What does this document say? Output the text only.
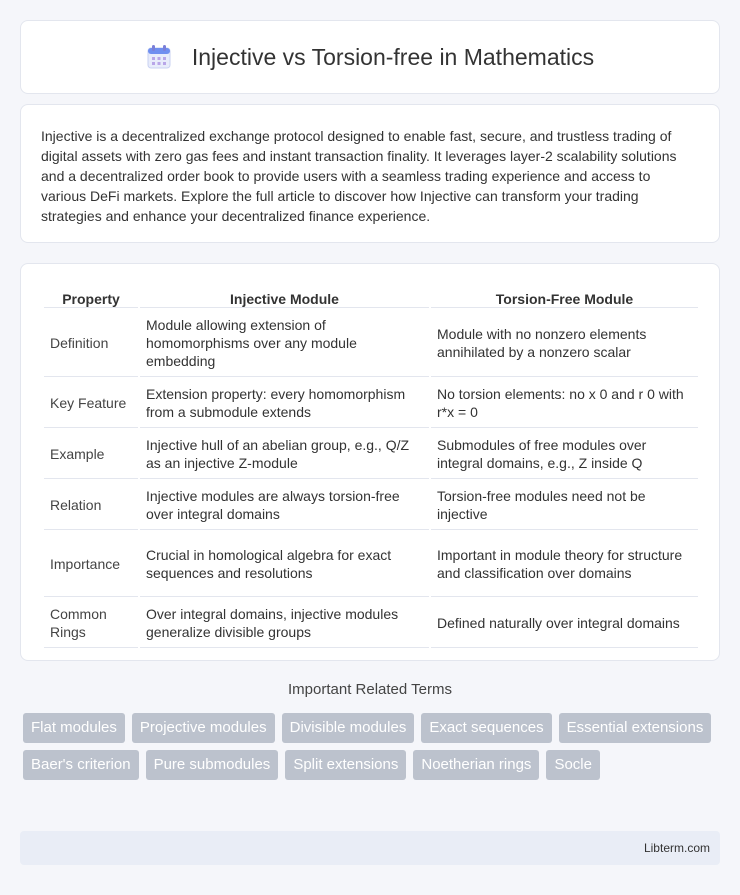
Injective vs Torsion-free in Mathematics

Injective is a decentralized exchange protocol designed to enable fast, secure, and trustless trading of digital assets with zero gas fees and instant transaction finality. It leverages layer-2 scalability solutions and a decentralized order book to provide users with a seamless trading experience and access to various DeFi markets. Explore the full article to discover how Injective can transform your trading strategies and enhance your decentralized finance experience.

Property	Injective Module	Torsion-Free Module
Definition	Module allowing extension of homomorphisms over any module embedding	Module with no nonzero elements annihilated by a nonzero scalar
Key Feature	Extension property: every homomorphism from a submodule extends	No torsion elements: no x 0 and r 0 with r*x = 0
Example	Injective hull of an abelian group, e.g., Q/Z as an injective Z-module	Submodules of free modules over integral domains, e.g., Z inside Q
Relation	Injective modules are always torsion-free over integral domains	Torsion-free modules need not be injective
Importance	Crucial in homological algebra for exact sequences and resolutions	Important in module theory for structure and classification over domains
Common Rings	Over integral domains, injective modules generalize divisible groups	Defined naturally over integral domains
Important Related Terms
Flat modules	Projective modules	Divisible modules	Exact sequences	Essential extensions
Baer's criterion	Pure submodules	Split extensions	Noetherian rings	Socle
Libterm.com
